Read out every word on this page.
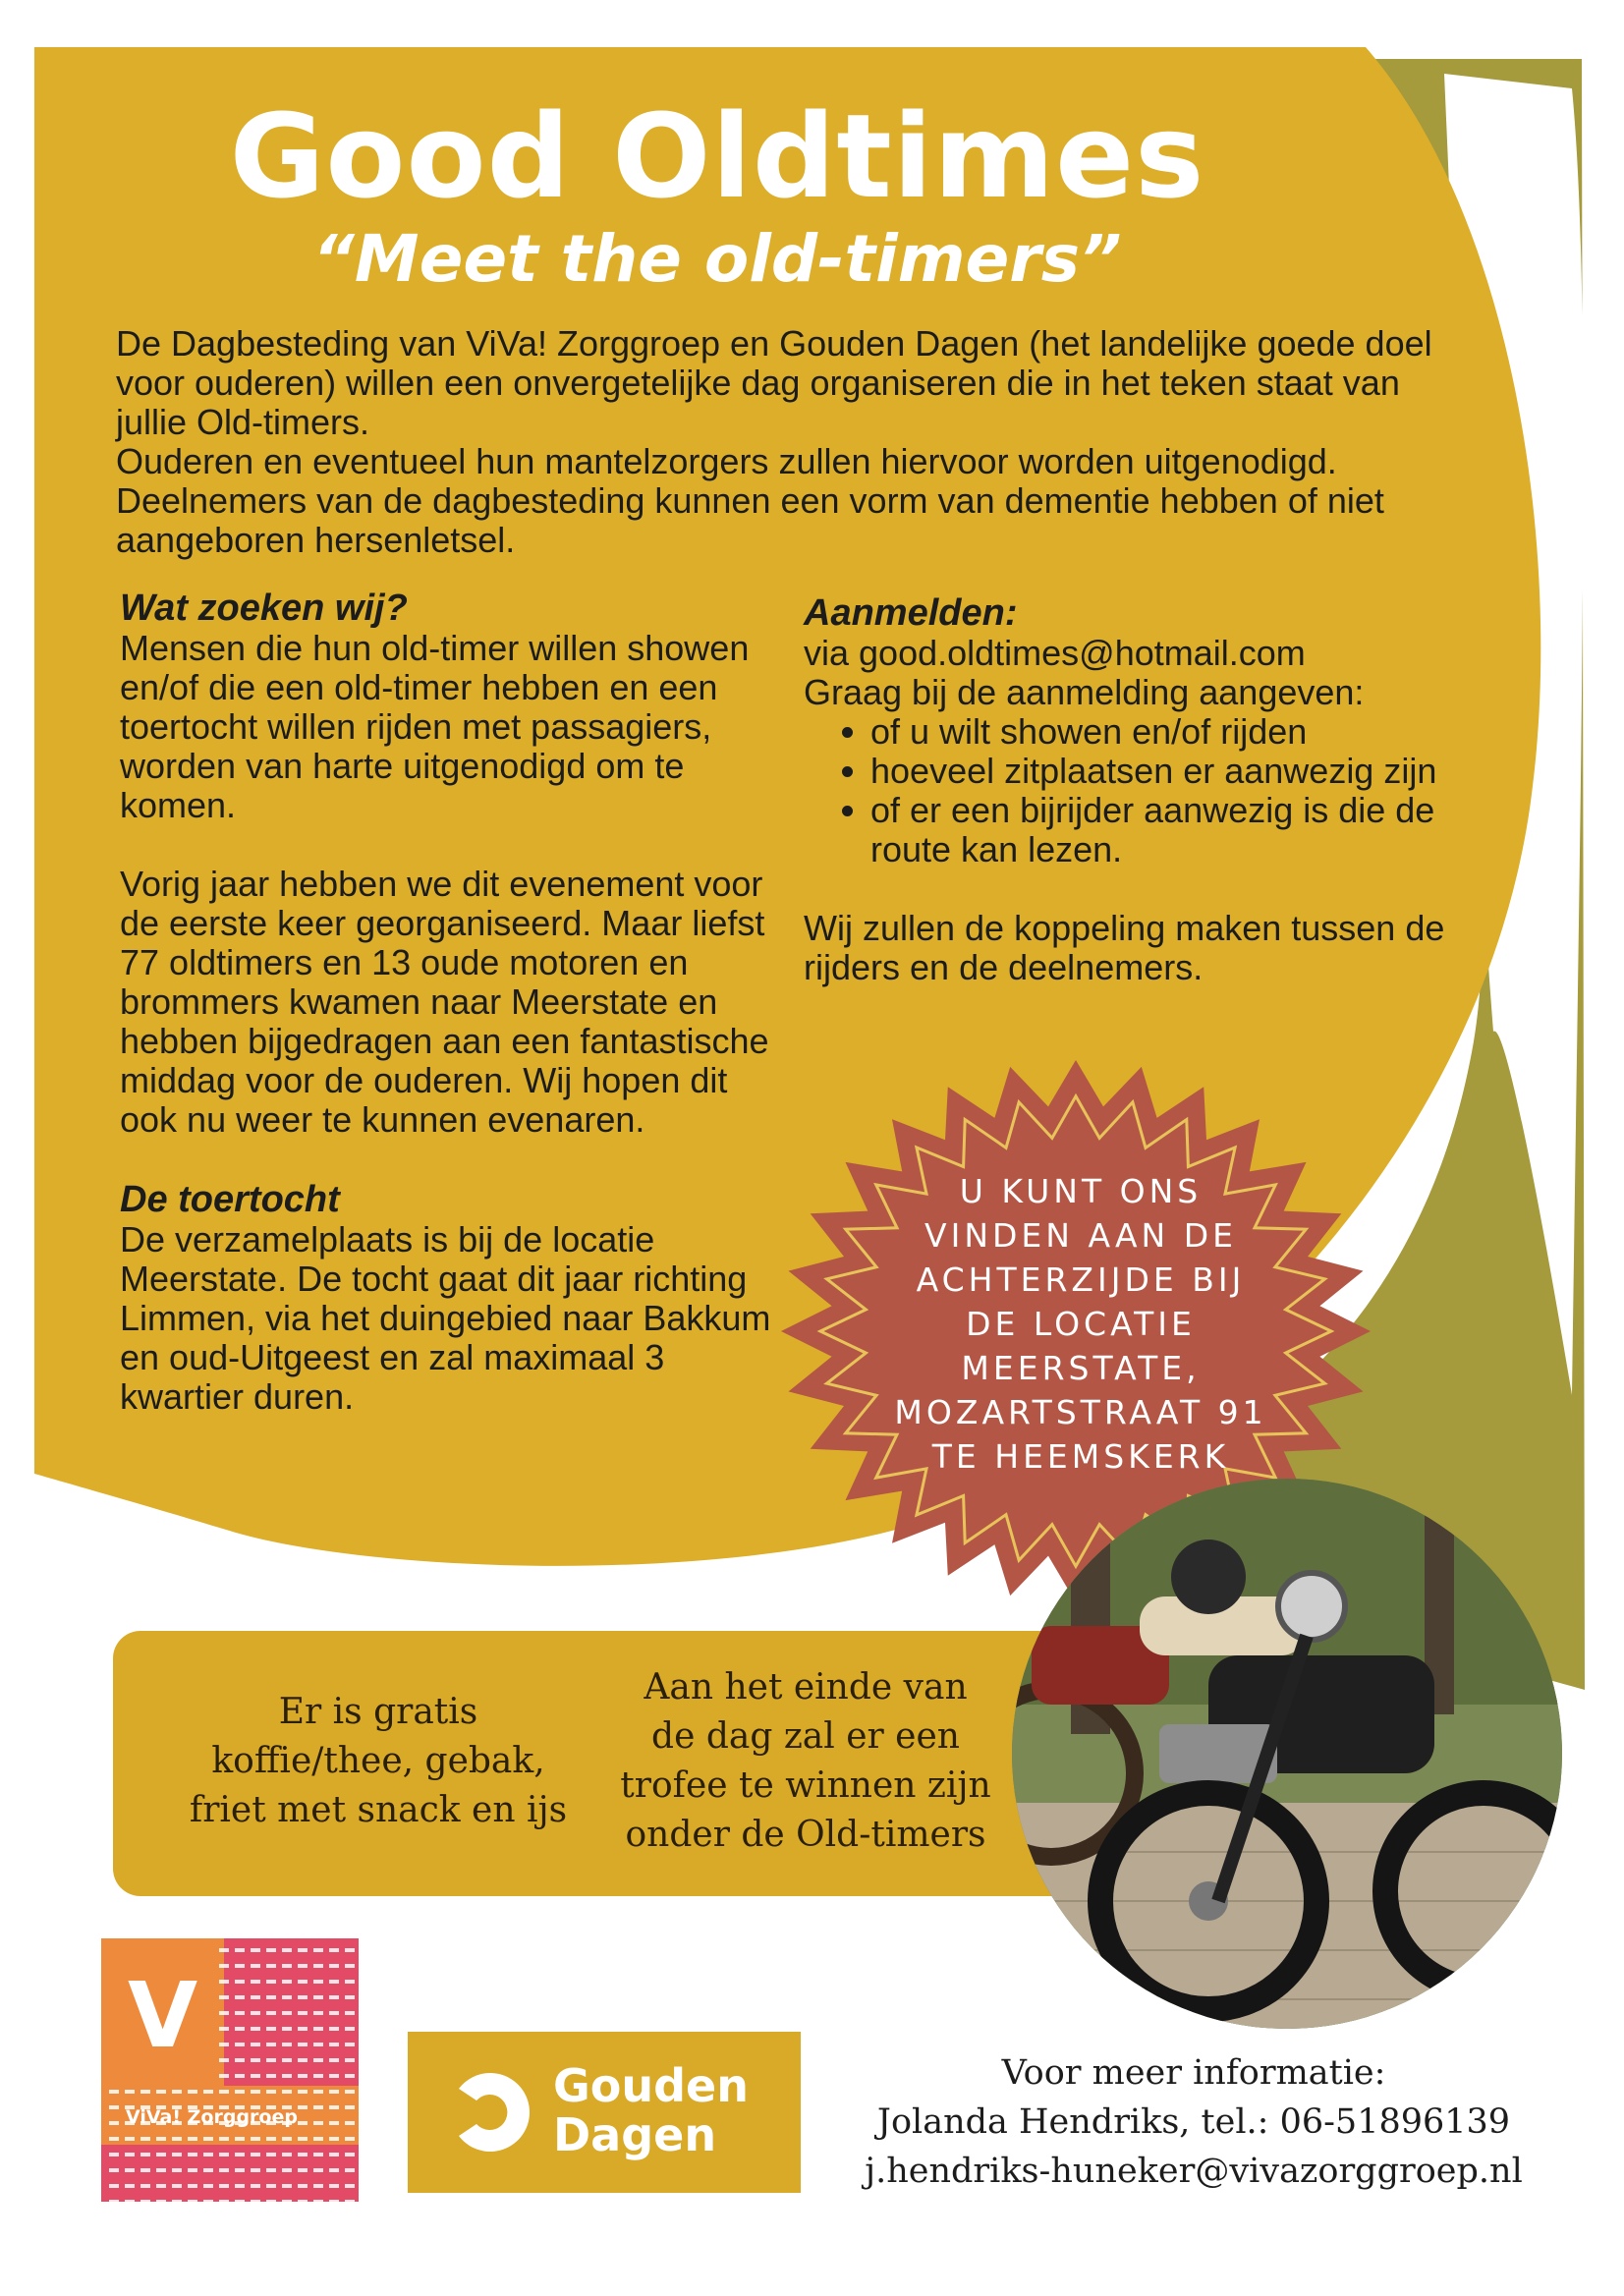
Good Oldtimes
“Meet the old-timers”

De Dagbesteding van ViVa! Zorggroep en Gouden Dagen (het landelijke goede doel voor ouderen) willen een onvergetelijke dag organiseren die in het teken staat van jullie Old-timers.

Ouderen en eventueel hun mantelzorgers zullen hiervoor worden uitgenodigd. Deelnemers van de dagbesteding kunnen een vorm van dementie hebben of niet aangeboren hersenletsel.

Wat zoeken wij?

Mensen die hun old-timer willen showen en/of die een old-timer hebben en een toertocht willen rijden met passagiers, worden van harte uitgenodigd om te komen.

Vorig jaar hebben we dit evenement voor de eerste keer georganiseerd. Maar liefst 77 oldtimers en 13 oude motoren en brommers kwamen naar Meerstate en hebben bijgedragen aan een fantastische middag voor de ouderen. Wij hopen dit ook nu weer te kunnen evenaren.

De toertocht

De verzamelplaats is bij de locatie Meerstate. De tocht gaat dit jaar richting Limmen, via het duingebied naar Bakkum en oud-Uitgeest en zal maximaal 3 kwartier duren.

Aanmelden:

via good.oldtimes@hotmail.com

Graag bij de aanmelding aangeven:

• of u wilt showen en/of rijden
• hoeveel zitplaatsen er aanwezig zijn
• of er een bijrijder aanwezig is die de route kan lezen.

Wij zullen de koppeling maken tussen de rijders en de deelnemers.

U KUNT ONS
VINDEN AAN DE
ACHTERZIJDE BIJ
DE LOCATIE
MEERSTATE,
MOZARTSTRAAT 91
TE HEEMSKERK
Er is gratis
koffie/thee, gebak,
friet met snack en ijs
Aan het einde van
de dag zal er een
trofee te winnen zijn
onder de Old-timers
V
ViVa! Zorggroep
Gouden
Dagen

Voor meer informatie:

Jolanda Hendriks, tel.: 06-51896139

j.hendriks-huneker@vivazorggroep.nl
